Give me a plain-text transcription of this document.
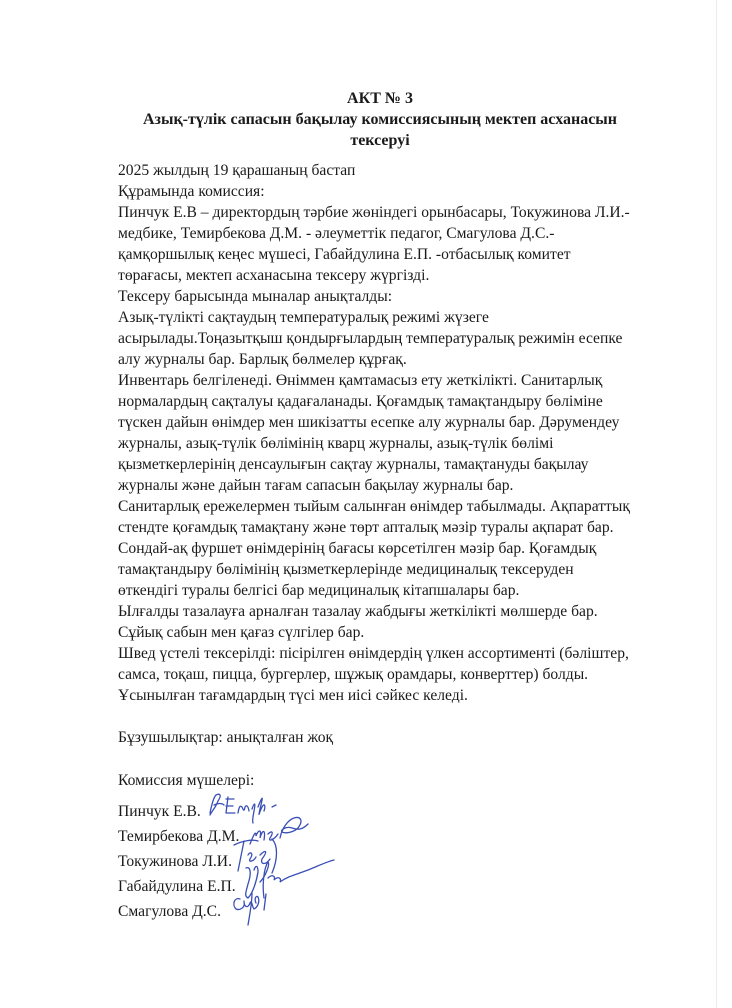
АКТ № 3
Азық-түлік сапасын бақылау комиссиясының мектеп асханасын
тексеруі
2025 жылдың 19 қарашаның бастап
Құрамында комиссия:
Пинчук Е.В – директордың тәрбие жөніндегі орынбасары, Токужинова Л.И.-
медбике, Темирбекова Д.М. - әлеуметтік педагог, Смагулова Д.С.-
қамқоршылық кеңес мүшесі, Габайдулина Е.П. -отбасылық комитет
төрағасы, мектеп асханасына тексеру жүргізді.
Тексеру барысында мыналар анықталды:
Азық-түлікті сақтаудың температуралық режимі жүзеге
асырылады.Тоңазытқыш қондырғылардың температуралық режимін есепке
алу журналы бар. Барлық бөлмелер құрғақ.
Инвентарь белгіленеді. Өніммен қамтамасыз ету жеткілікті. Санитарлық
нормалардың сақталуы қадағаланады. Қоғамдық тамақтандыру бөліміне
түскен дайын өнімдер мен шикізатты есепке алу журналы бар. Дәрумендеу
журналы, азық-түлік бөлімінің кварц журналы, азық-түлік бөлімі
қызметкерлерінің денсаулығын сақтау журналы, тамақтануды бақылау
журналы және дайын тағам сапасын бақылау журналы бар.
Санитарлық ережелермен тыйым салынған өнімдер табылмады. Ақпараттық
стендте қоғамдық тамақтану және төрт апталық мәзір туралы ақпарат бар.
Сондай-ақ фуршет өнімдерінің бағасы көрсетілген мәзір бар. Қоғамдық
тамақтандыру бөлімінің қызметкерлерінде медициналық тексеруден
өткендігі туралы белгісі бар медициналық кітапшалары бар.
Ылғалды тазалауға арналған тазалау жабдығы жеткілікті мөлшерде бар.
Сұйық сабын мен қағаз сүлгілер бар.
Швед үстелі тексерілді: пісірілген өнімдердің үлкен ассортименті (бәліштер,
самса, тоқаш, пицца, бургерлер, шұжық орамдары, конверттер) болды.
Ұсынылған тағамдардың түсі мен иісі сәйкес келеді.
Бұзушылықтар: анықталған жоқ
Комиссия мүшелері:
Пинчук Е.В.
Темирбекова Д.М.
Токужинова Л.И.
Габайдулина Е.П.
Смагулова Д.С.
